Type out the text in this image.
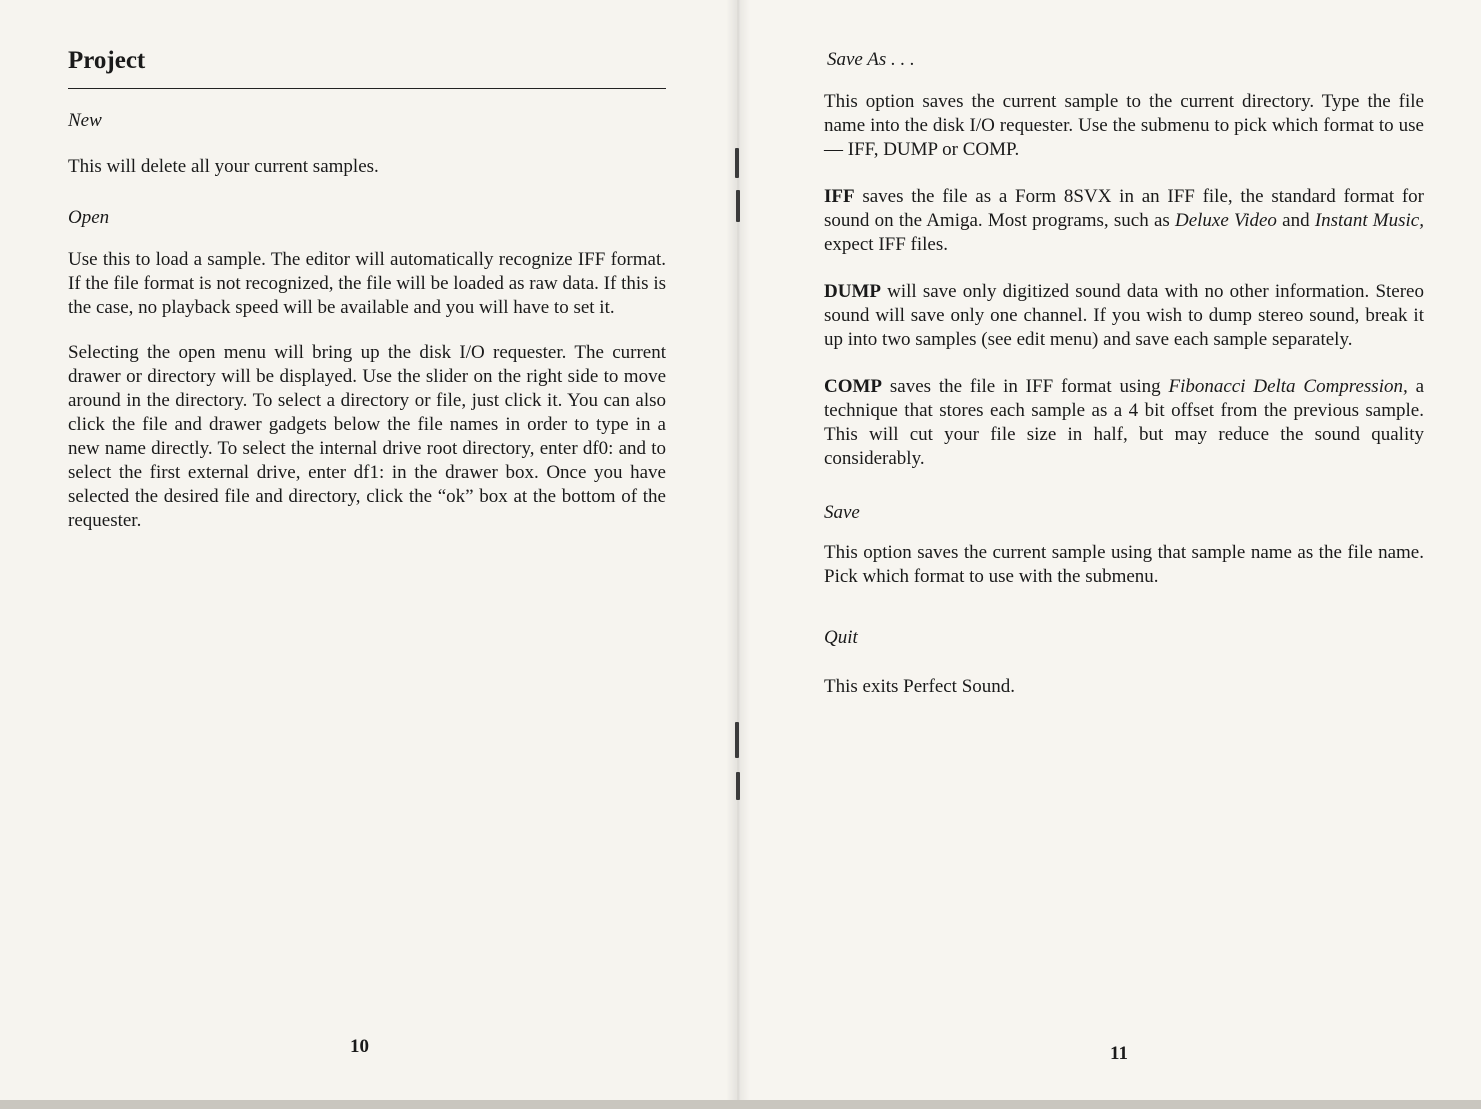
Project

New

This will delete all your current samples.

Open

Use this to load a sample. The editor will automatically recognize IFF format. If the file format is not recognized, the file will be loaded as raw data. If this is the case, no playback speed will be available and you will have to set it.

Selecting the open menu will bring up the disk I/O requester. The current drawer or directory will be displayed. Use the slider on the right side to move around in the directory. To select a directory or file, just click it. You can also click the file and drawer gadgets below the file names in order to type in a new name directly. To select the internal drive root directory, enter df0: and to select the first external drive, enter df1: in the drawer box. Once you have selected the desired file and directory, click the “ok” box at the bottom of the requester.

10

Save As . . .

This option saves the current sample to the current directory. Type the file name into the disk I/O requester. Use the submenu to pick which format to use — IFF, DUMP or COMP.

IFF saves the file as a Form 8SVX in an IFF file, the standard format for sound on the Amiga. Most programs, such as Deluxe Video and Instant Music, expect IFF files.

DUMP will save only digitized sound data with no other information. Stereo sound will save only one channel. If you wish to dump stereo sound, break it up into two samples (see edit menu) and save each sample separately.

COMP saves the file in IFF format using Fibonacci Delta Compression, a technique that stores each sample as a 4 bit offset from the previous sample. This will cut your file size in half, but may reduce the sound quality considerably.

Save

This option saves the current sample using that sample name as the file name. Pick which format to use with the submenu.

Quit

This exits Perfect Sound.

11
